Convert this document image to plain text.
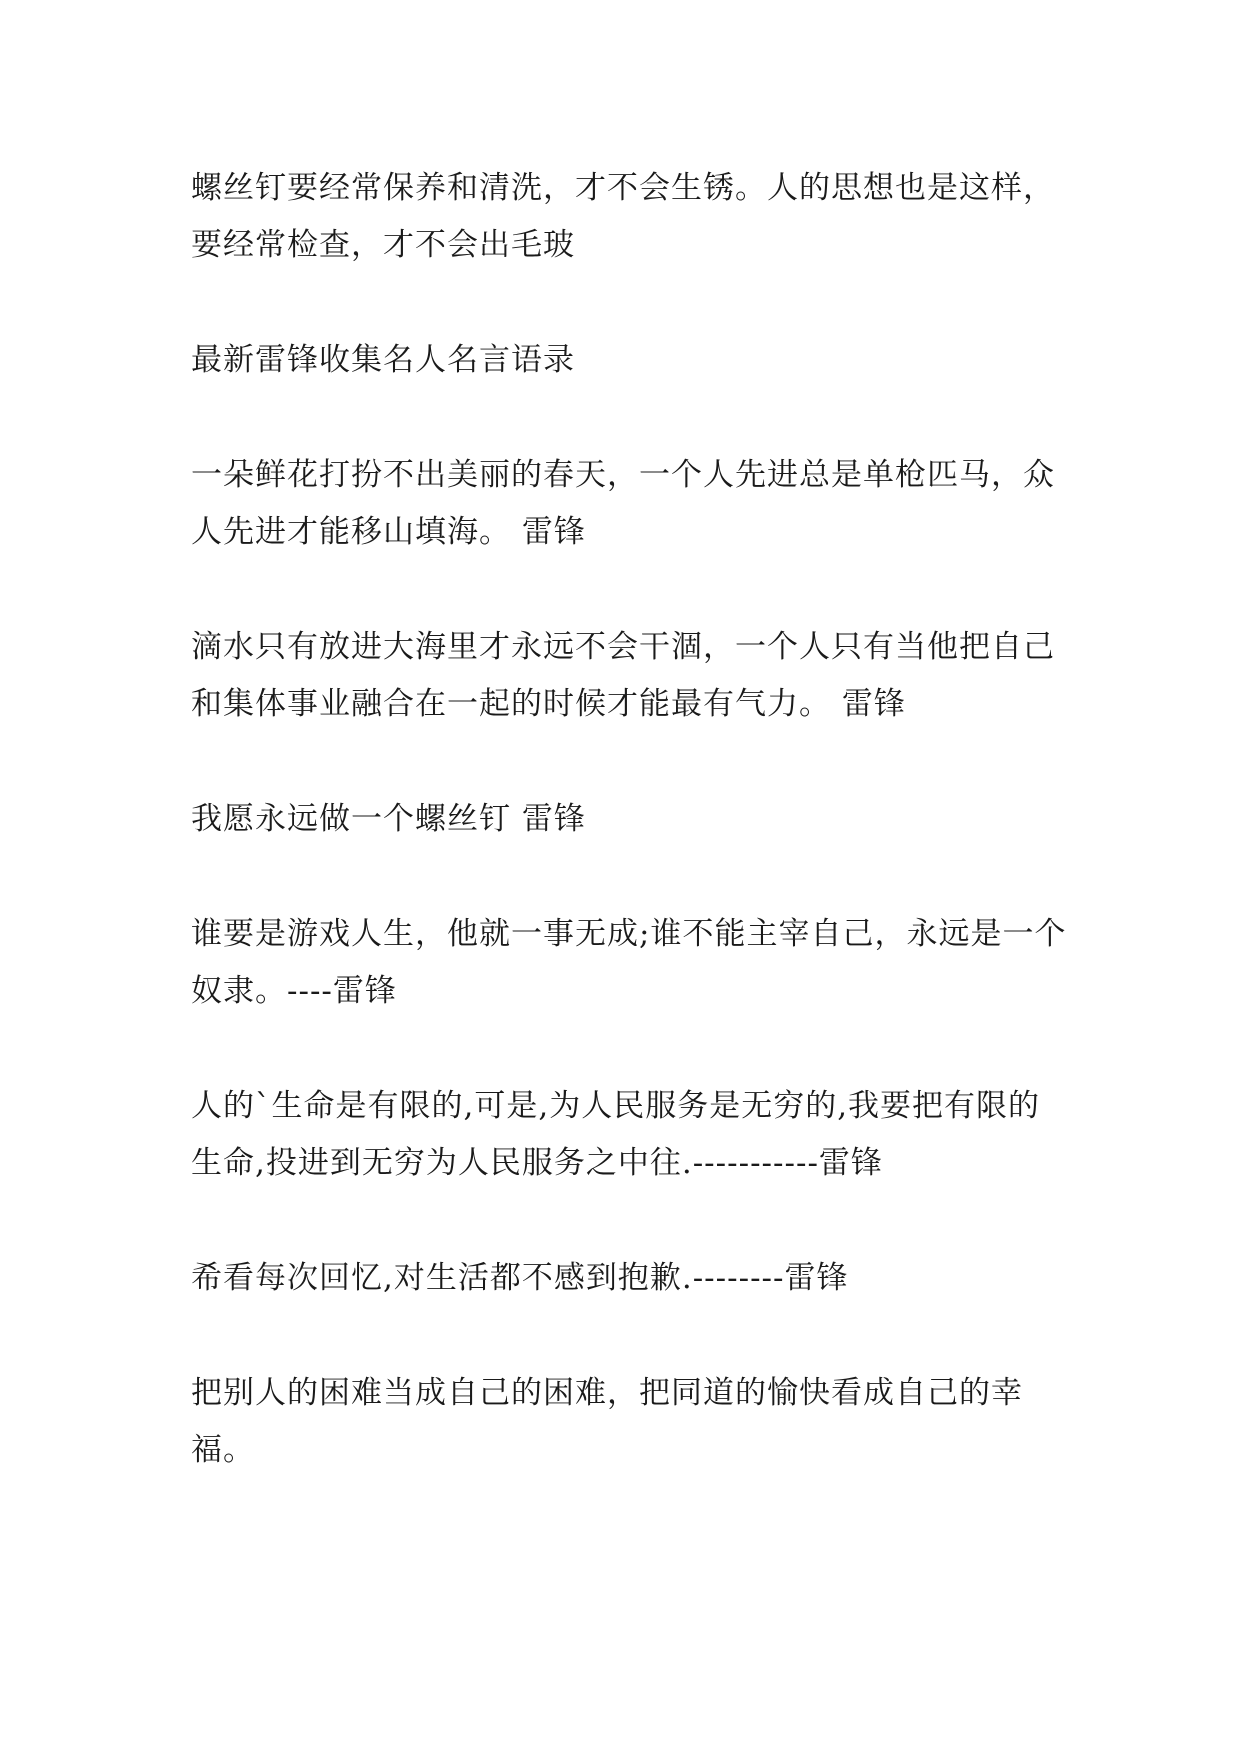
螺丝钉要经常保养和清洗，才不会生锈。人的思想也是这样，要经常检查，才不会出毛玻

最新雷锋收集名人名言语录

一朵鲜花打扮不出美丽的春天，一个人先进总是单枪匹马，众人先进才能移山填海。 雷锋

滴水只有放进大海里才永远不会干涸，一个人只有当他把自己和集体事业融合在一起的时候才能最有气力。 雷锋

我愿永远做一个螺丝钉 雷锋

谁要是游戏人生，他就一事无成;谁不能主宰自己，永远是一个奴隶。----雷锋

人的`生命是有限的,可是,为人民服务是无穷的,我要把有限的生命,投进到无穷为人民服务之中往.-----------雷锋

希看每次回忆,对生活都不感到抱歉.--------雷锋

把别人的困难当成自己的困难，把同道的愉快看成自己的幸福。
